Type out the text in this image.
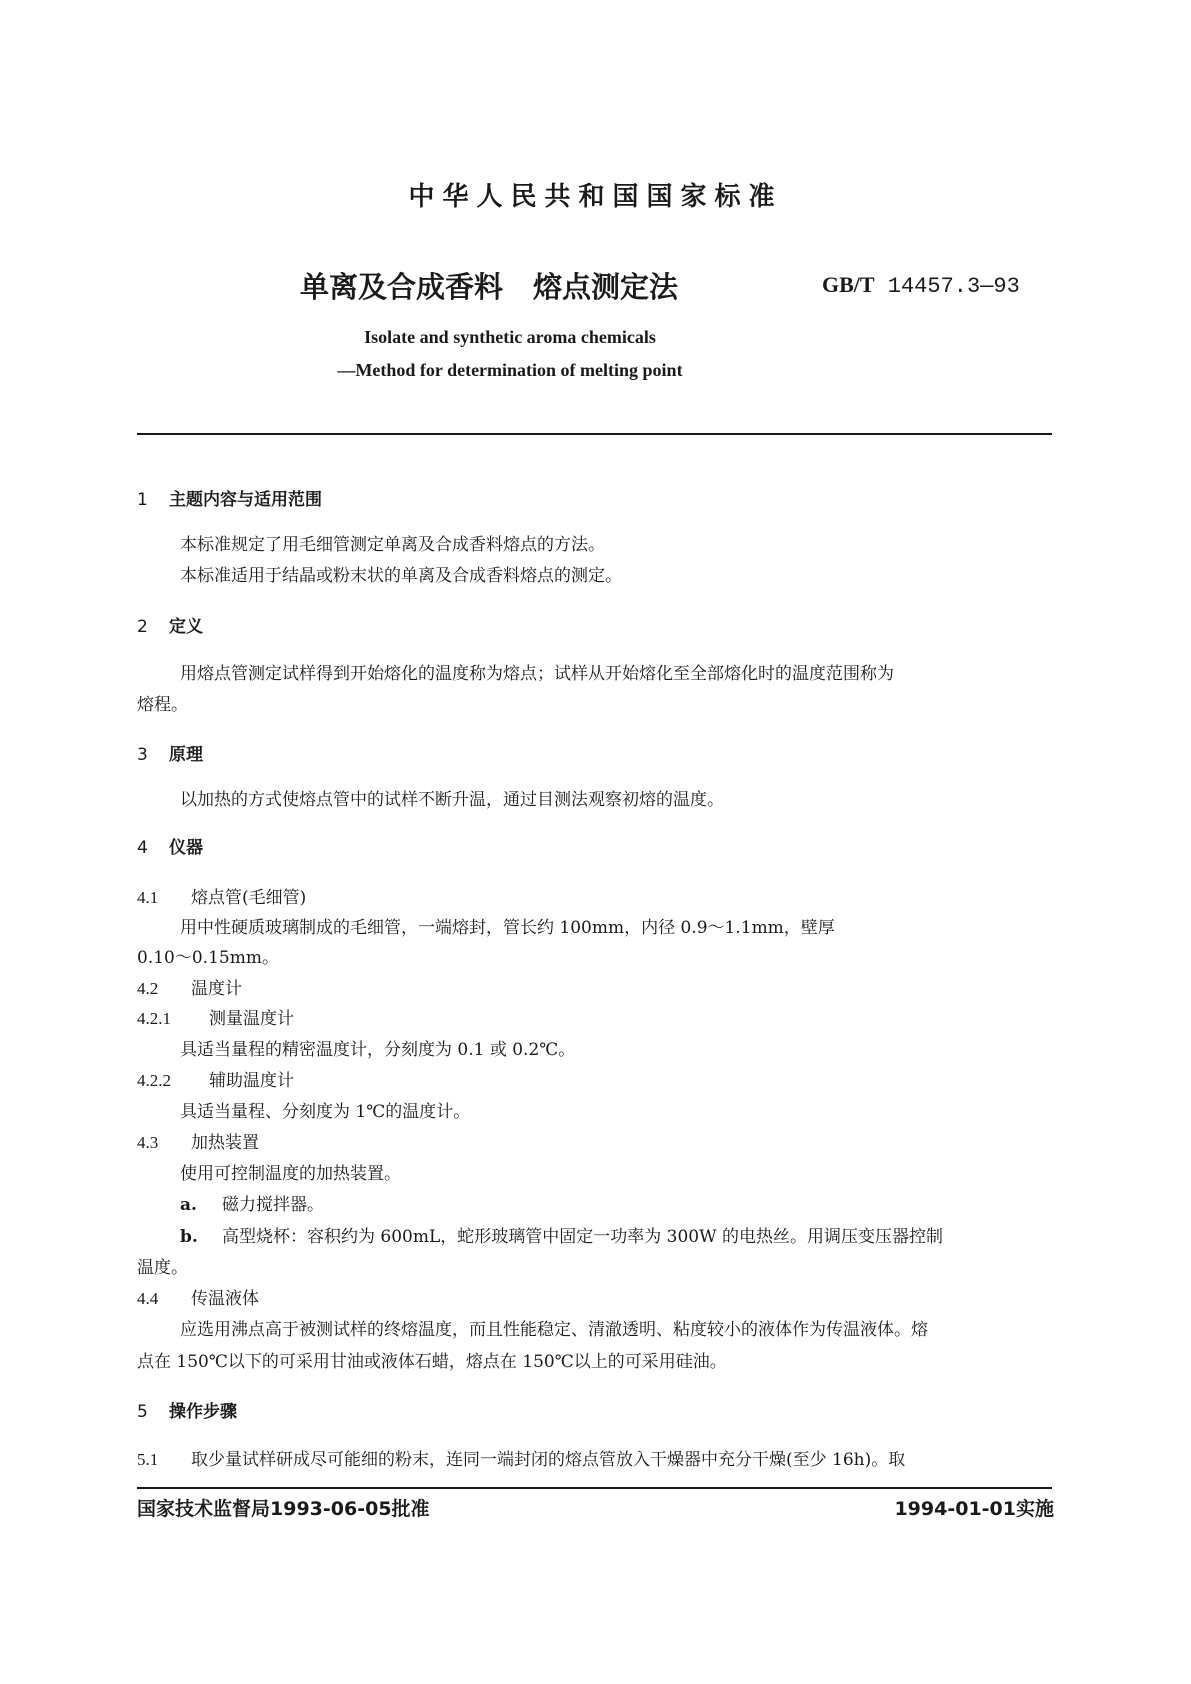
中华人民共和国国家标准
单离及合成香料 熔点测定法	GB/T 14457.3—93
Isolate and synthetic aroma chemicals
—Method for determination of melting point
1 主题内容与适用范围
本标准规定了用毛细管测定单离及合成香料熔点的方法。
本标准适用于结晶或粉末状的单离及合成香料熔点的测定。
2 定义
用熔点管测定试样得到开始熔化的温度称为熔点；试样从开始熔化至全部熔化时的温度范围称为
熔程。
3 原理
以加热的方式使熔点管中的试样不断升温，通过目测法观察初熔的温度。
4 仪器
4.1 熔点管(毛细管)
用中性硬质玻璃制成的毛细管，一端熔封，管长约 100mm，内径 0.9～1.1mm，壁厚
0.10～0.15mm。
4.2 温度计
4.2.1 测量温度计
具适当量程的精密温度计，分刻度为 0.1 或 0.2℃。
4.2.2 辅助温度计
具适当量程、分刻度为 1℃的温度计。
4.3 加热装置
使用可控制温度的加热装置。
a. 磁力搅拌器。
b. 高型烧杯：容积约为 600mL，蛇形玻璃管中固定一功率为 300W 的电热丝。用调压变压器控制
温度。
4.4 传温液体
应选用沸点高于被测试样的终熔温度，而且性能稳定、清澈透明、粘度较小的液体作为传温液体。熔
点在 150℃以下的可采用甘油或液体石蜡，熔点在 150℃以上的可采用硅油。
5 操作步骤
5.1 取少量试样研成尽可能细的粉末，连同一端封闭的熔点管放入干燥器中充分干燥(至少 16h)。取
国家技术监督局1993-06-05批准	1994-01-01实施
